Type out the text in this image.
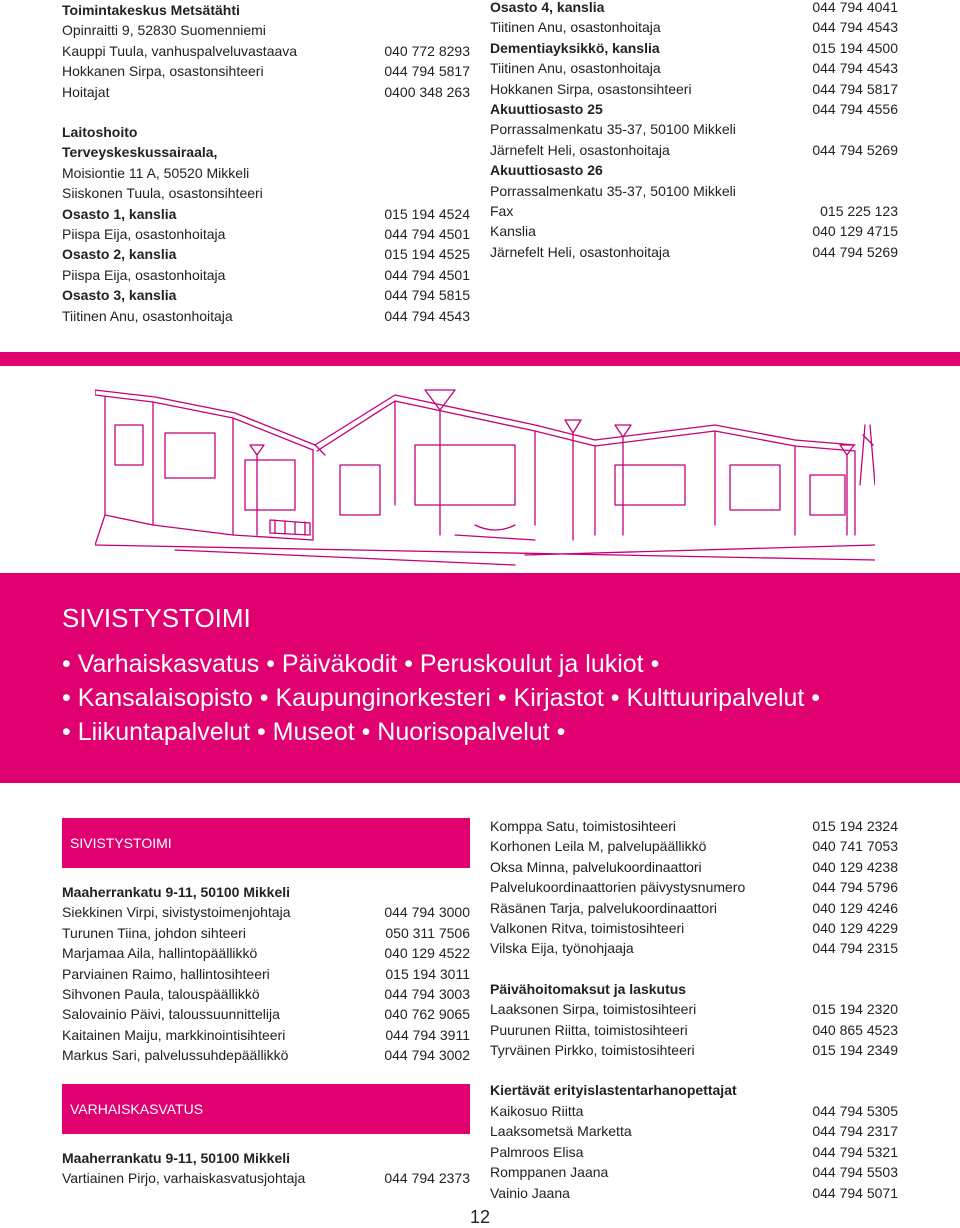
Toimintakeskus Metsätähti
Opinraitti 9, 52830 Suomenniemi
Kauppi Tuula, vanhuspalveluvastaava	040 772 8293
Hokkanen Sirpa, osastonsihteeri	044 794 5817
Hoitajat	0400 348 263
Laitoshoito
Terveyskeskussairaala,
Moisiontie 11 A, 50520 Mikkeli
Siiskonen Tuula, osastonsihteeri
Osasto 1, kanslia	015 194 4524
Piispa Eija, osastonhoitaja	044 794 4501
Osasto 2, kanslia	015 194 4525
Piispa Eija, osastonhoitaja	044 794 4501
Osasto 3, kanslia	044 794 5815
Tiitinen Anu, osastonhoitaja	044 794 4543
Osasto 4, kanslia	044 794 4041
Tiitinen Anu, osastonhoitaja	044 794 4543
Dementiayksikkö, kanslia	015 194 4500
Tiitinen Anu, osastonhoitaja	044 794 4543
Hokkanen Sirpa, osastonsihteeri	044 794 5817
Akuuttiosasto 25	044 794 4556
Porrassalmenkatu 35-37, 50100 Mikkeli
Järnefelt Heli, osastonhoitaja	044 794 5269
Akuuttiosasto 26
Porrassalmenkatu 35-37, 50100 Mikkeli
Fax	015 225 123
Kanslia	040 129 4715
Järnefelt Heli, osastonhoitaja	044 794 5269
SIVISTYSTOIMI
• Varhaiskasvatus • Päiväkodit • Peruskoulut ja lukiot •
• Kansalaisopisto • Kaupunginorkesteri • Kirjastot • Kulttuuripalvelut •
• Liikuntapalvelut • Museot • Nuorisopalvelut •
SIVISTYSTOIMI
Maaherrankatu 9-11, 50100 Mikkeli
Siekkinen Virpi, sivistystoimenjohtaja	044 794 3000
Turunen Tiina, johdon sihteeri	050 311 7506
Marjamaa Aila, hallintopäällikkö	040 129 4522
Parviainen Raimo, hallintosihteeri	015 194 3011
Sihvonen Paula, talouspäällikkö	044 794 3003
Salovainio Päivi, taloussuunnittelija	040 762 9065
Kaitainen Maiju, markkinointisihteeri	044 794 3911
Markus Sari, palvelussuhdepäällikkö	044 794 3002
VARHAISKASVATUS
Maaherrankatu 9-11, 50100 Mikkeli
Vartiainen Pirjo, varhaiskasvatusjohtaja	044 794 2373
Komppa Satu, toimistosihteeri	015 194 2324
Korhonen Leila M, palvelupäällikkö	040 741 7053
Oksa Minna, palvelukoordinaattori	040 129 4238
Palvelukoordinaattorien päivystysnumero	044 794 5796
Räsänen Tarja, palvelukoordinaattori	040 129 4246
Valkonen Ritva, toimistosihteeri	040 129 4229
Vilska Eija, työnohjaaja	044 794 2315
Päivähoitomaksut ja laskutus
Laaksonen Sirpa, toimistosihteeri	015 194 2320
Puurunen Riitta, toimistosihteeri	040 865 4523
Tyrväinen Pirkko, toimistosihteeri	015 194 2349
Kiertävät erityislastentarhanopettajat
Kaikosuo Riitta	044 794 5305
Laaksometsä Marketta	044 794 2317
Palmroos Elisa	044 794 5321
Romppanen Jaana	044 794 5503
Vainio Jaana	044 794 5071
12
